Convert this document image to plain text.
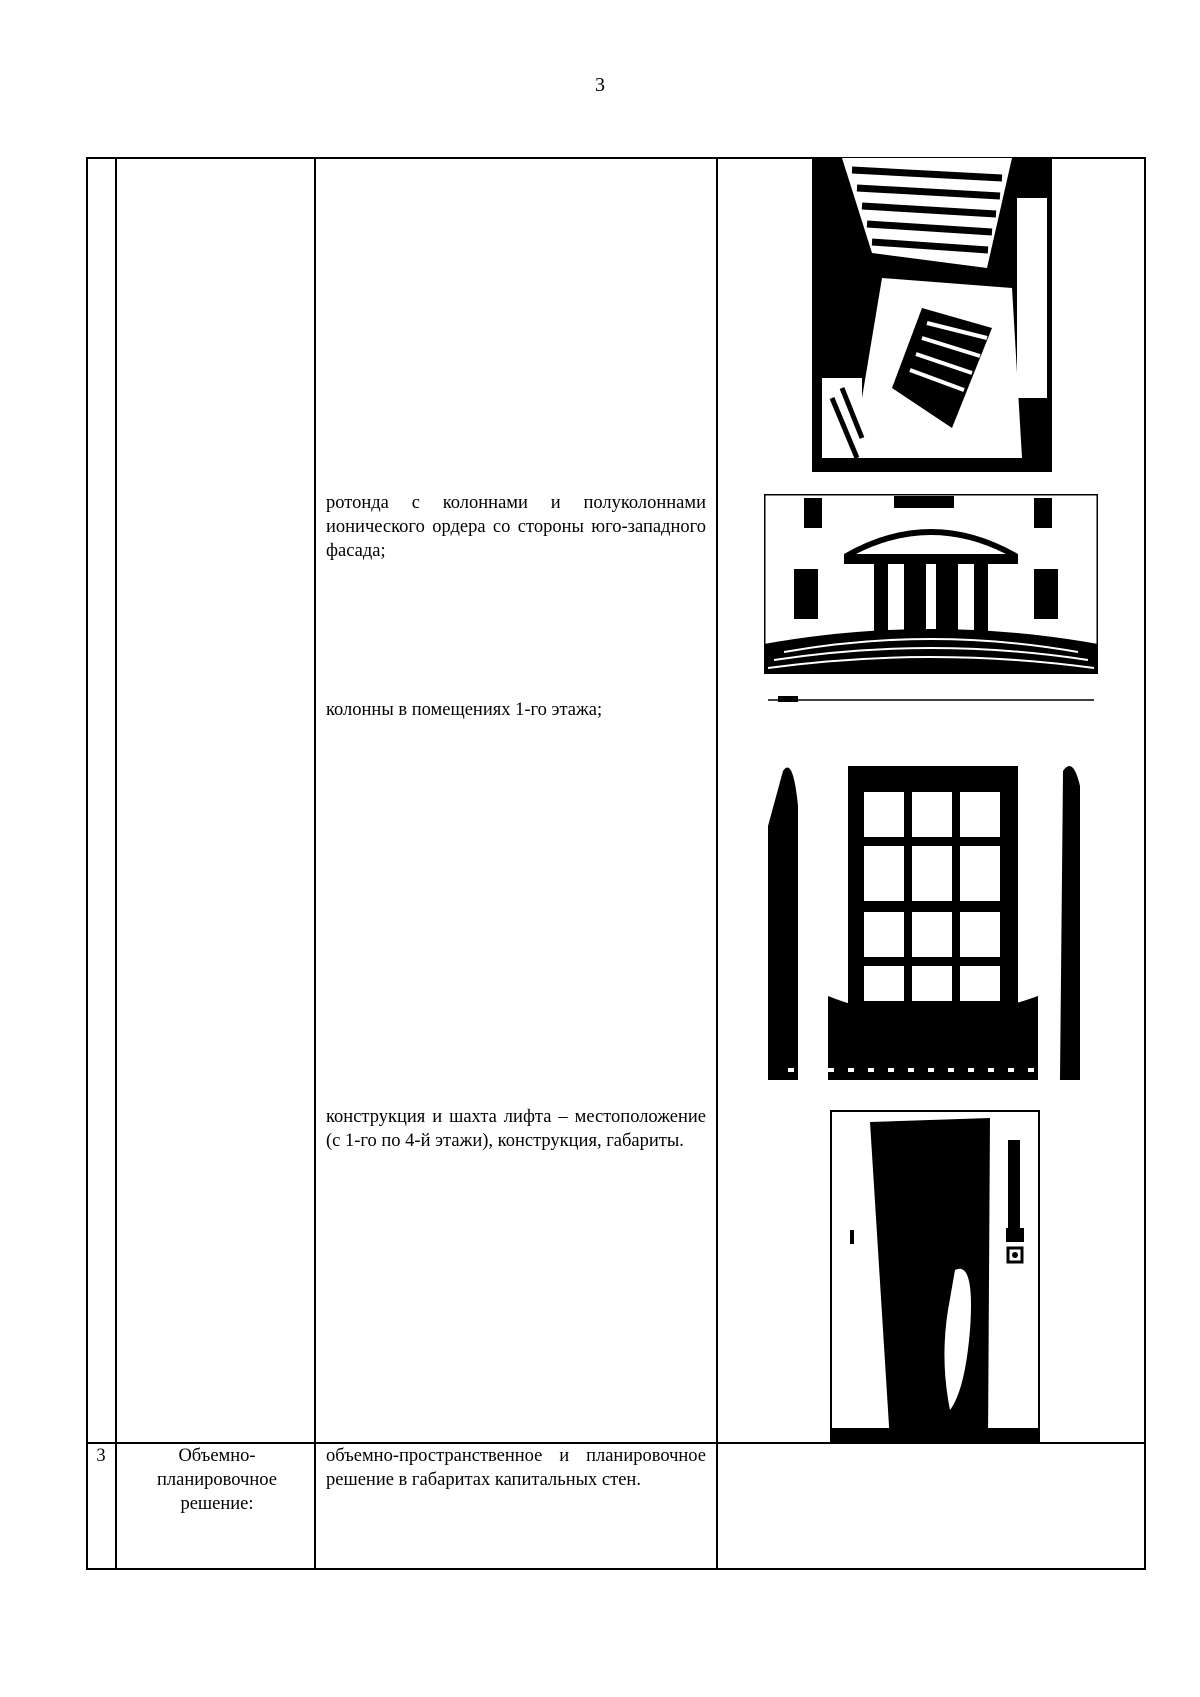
3
ротонда с колоннами и полуколоннами ионического ордера со стороны юго-западного фасада;
колонны в помещениях 1-го этажа;
конструкция и шахта лифта – местоположение (с 1-го по 4-й этажи), конструкция, габариты.
3	Объемно-планировочное решение:
объемно-пространственное и планировочное решение в габаритах капитальных стен.
